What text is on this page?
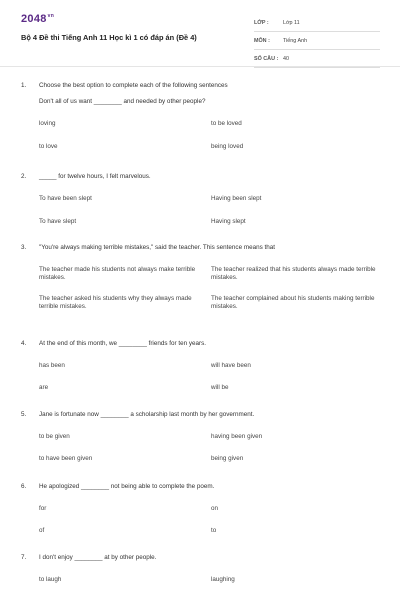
$2048^{vn}$
Bộ 4 Đề thi Tiếng Anh 11 Học kì 1 có đáp án (Đề 4)
LỚP :	Lớp 11
MÔN :	Tiếng Anh
SỐ CÂU : 40
1.	Choose the best option to complete each of the following sentences
Don't all of us want ________ and needed by other people?
loving	to be loved
to love	being loved
2.	_____ for twelve hours, I felt marvelous.
To have been slept	Having been slept
To have slept	Having slept
3.	"You're always making terrible mistakes," said the teacher. This sentence means that
The teacher made his students not always make terrible mistakes.
The teacher realized that his students always made terrible mistakes.
The teacher asked his students why they always made terrible mistakes.
The teacher complained about his students making terrible mistakes.
4.	At the end of this month, we ________ friends for ten years.
has been	will have been
are	will be
5.	Jane is fortunate now ________ a scholarship last month by her government.
to be given	having been given
to have been given	being given
6.	He apologized ________ not being able to complete the poem.
for	on
of	to
7.	I don't enjoy ________ at by other people.
to laugh	laughing
